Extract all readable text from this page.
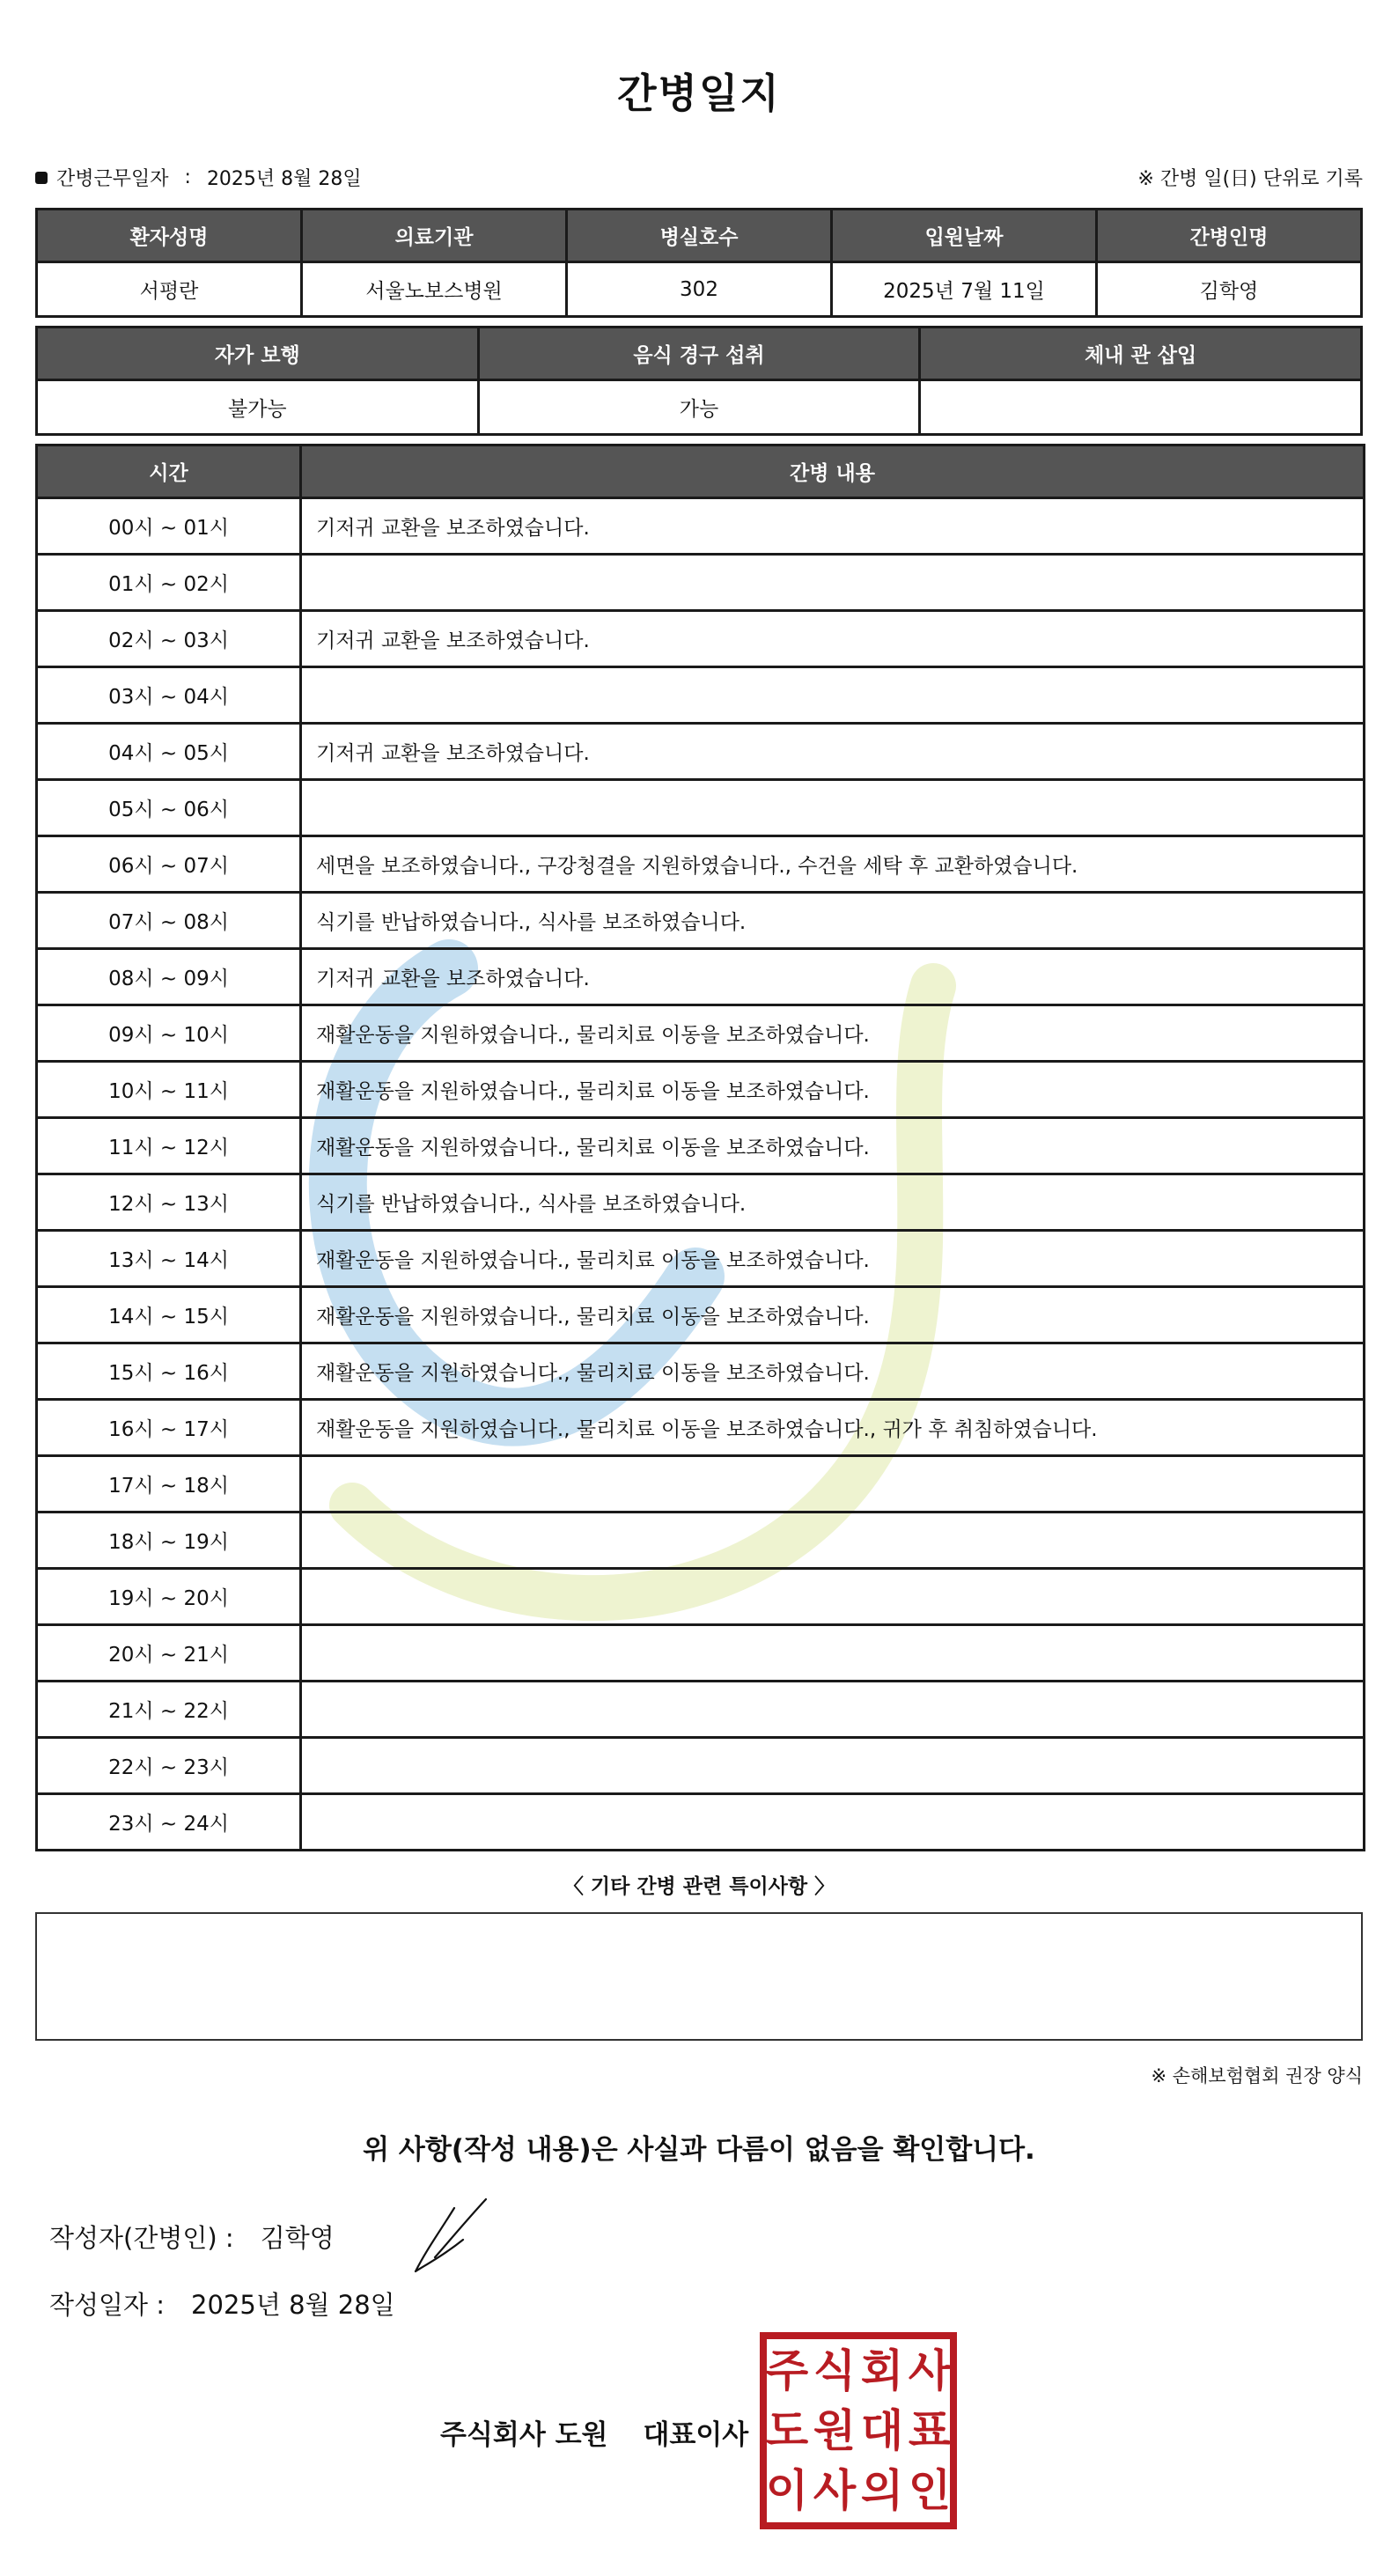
간병일지
간병근무일자 : 2025년 8월 28일	※ 간병 일(日) 단위로 기록
환자성명	의료기관	병실호수	입원날짜	간병인명
서평란	서울노보스병원	302	2025년 7월 11일	김학영
자가 보행	음식 경구 섭취	체내 관 삽입
불가능	가능	
시간	간병 내용
00시 ~ 01시	기저귀 교환을 보조하였습니다.
01시 ~ 02시	
02시 ~ 03시	기저귀 교환을 보조하였습니다.
03시 ~ 04시	
04시 ~ 05시	기저귀 교환을 보조하였습니다.
05시 ~ 06시	
06시 ~ 07시	세면을 보조하였습니다., 구강청결을 지원하였습니다., 수건을 세탁 후 교환하였습니다.
07시 ~ 08시	식기를 반납하였습니다., 식사를 보조하였습니다.
08시 ~ 09시	기저귀 교환을 보조하였습니다.
09시 ~ 10시	재활운동을 지원하였습니다., 물리치료 이동을 보조하였습니다.
10시 ~ 11시	재활운동을 지원하였습니다., 물리치료 이동을 보조하였습니다.
11시 ~ 12시	재활운동을 지원하였습니다., 물리치료 이동을 보조하였습니다.
12시 ~ 13시	식기를 반납하였습니다., 식사를 보조하였습니다.
13시 ~ 14시	재활운동을 지원하였습니다., 물리치료 이동을 보조하였습니다.
14시 ~ 15시	재활운동을 지원하였습니다., 물리치료 이동을 보조하였습니다.
15시 ~ 16시	재활운동을 지원하였습니다., 물리치료 이동을 보조하였습니다.
16시 ~ 17시	재활운동을 지원하였습니다., 물리치료 이동을 보조하였습니다., 귀가 후 취침하였습니다.
17시 ~ 18시	
18시 ~ 19시	
19시 ~ 20시	
20시 ~ 21시	
21시 ~ 22시	
22시 ~ 23시	
23시 ~ 24시	
〈 기타 간병 관련 특이사항 〉
※ 손해보험협회 권장 양식
위 사항(작성 내용)은 사실과 다름이 없음을 확인합니다.
작성자(간병인) : 김학영
작성일자 : 2025년 8월 28일
주식회사 도원 대표이사
주 식 회 사
도 원 대 표
이 사 의 인
